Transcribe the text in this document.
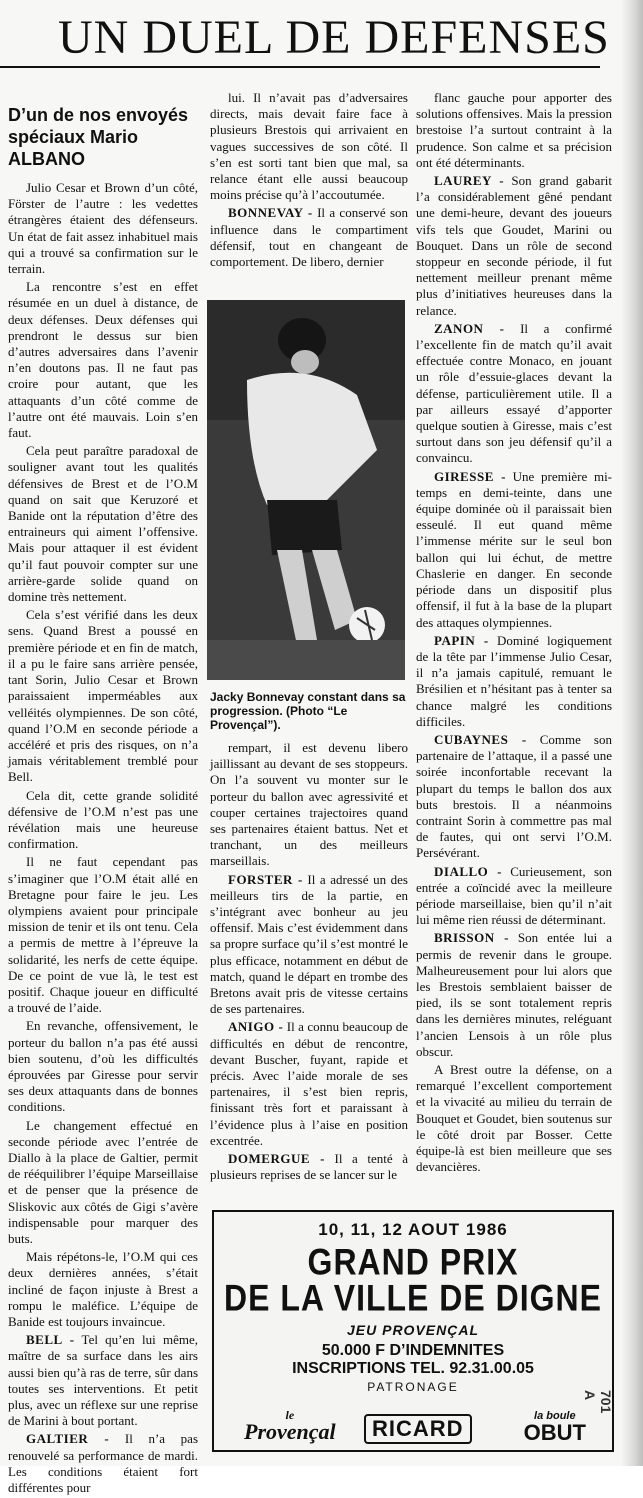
UN DUEL DE DEFENSES
D’un de nos envoyés spéciaux Mario ALBANO

Julio Cesar et Brown d’un côté, Förster de l’autre : les vedettes étrangères étaient des défenseurs. Un état de fait assez inhabituel mais qui a trouvé sa confirmation sur le terrain.

La rencontre s’est en effet résumée en un duel à distance, de deux défenses. Deux défenses qui prendront le dessus sur bien d’autres adversaires dans l’avenir n’en doutons pas. Il ne faut pas croire pour autant, que les attaquants d’un côté comme de l’autre ont été mauvais. Loin s’en faut.

Cela peut paraître paradoxal de souligner avant tout les qualités défensives de Brest et de l’O.M quand on sait que Keruzoré et Banide ont la réputation d’être des entraineurs qui aiment l’offensive. Mais pour attaquer il est évident qu’il faut pouvoir compter sur une arrière-garde solide quand on domine très nettement.

Cela s’est vérifié dans les deux sens. Quand Brest a poussé en première période et en fin de match, il a pu le faire sans arrière pensée, tant Sorin, Julio Cesar et Brown paraissaient imperméables aux velléités olympiennes. De son côté, quand l’O.M en seconde période a accéléré et pris des risques, on n’a jamais véritablement tremblé pour Bell.

Cela dit, cette grande solidité défensive de l’O.M n’est pas une révélation mais une heureuse confirmation.

Il ne faut cependant pas s’imaginer que l’O.M était allé en Bretagne pour faire le jeu. Les olympiens avaient pour principale mission de tenir et ils ont tenu. Cela a permis de mettre à l’épreuve la solidarité, les nerfs de cette équipe. De ce point de vue là, le test est positif. Chaque joueur en difficulté a trouvé de l’aide.

En revanche, offensivement, le porteur du ballon n’a pas été aussi bien soutenu, d’où les difficultés éprouvées par Giresse pour servir ses deux attaquants dans de bonnes conditions.

Le changement effectué en seconde période avec l’entrée de Diallo à la place de Galtier, permit de rééquilibrer l’équipe Marseillaise et de penser que la présence de Sliskovic aux côtés de Gigi s’avère indispensable pour marquer des buts.

Mais répétons-le, l’O.M qui ces deux dernières années, s’était incliné de façon injuste à Brest a rompu le maléfice. L’équipe de Banide est toujours invaincue.

BELL - Tel qu’en lui même, maître de sa surface dans les airs aussi bien qu’à ras de terre, sûr dans toutes ses interventions. Et petit plus, avec un réflexe sur une reprise de Marini à bout portant.

GALTIER - Il n’a pas renouvelé sa performance de mardi. Les conditions étaient fort différentes pour

lui. Il n’avait pas d’adversaires directs, mais devait faire face à plusieurs Brestois qui arrivaient en vagues successives de son côté. Il s’en est sorti tant bien que mal, sa relance étant elle aussi beaucoup moins précise qu’à l’accoutumée.

BONNEVAY - Il a conservé son influence dans le compartiment défensif, tout en changeant de comportement. De libero, dernier

Jacky Bonnevay constant dans sa progression. (Photo “Le Provençal”).

rempart, il est devenu libero jaillissant au devant de ses stoppeurs. On l’a souvent vu monter sur le porteur du ballon avec agressivité et couper certaines trajectoires quand ses partenaires étaient battus. Net et tranchant, un des meilleurs marseillais.

FORSTER - Il a adressé un des meilleurs tirs de la partie, en s’intégrant avec bonheur au jeu offensif. Mais c’est évidemment dans sa propre surface qu’il s’est montré le plus efficace, notamment en début de match, quand le départ en trombe des Bretons avait pris de vitesse certains de ses partenaires.

ANIGO - Il a connu beaucoup de difficultés en début de rencontre, devant Buscher, fuyant, rapide et précis. Avec l’aide morale de ses partenaires, il s’est bien repris, finissant très fort et paraissant à l’évidence plus à l’aise en position excentrée.

DOMERGUE - Il a tenté à plusieurs reprises de se lancer sur le

flanc gauche pour apporter des solutions offensives. Mais la pression brestoise l’a surtout contraint à la prudence. Son calme et sa précision ont été déterminants.

LAUREY - Son grand gabarit l’a considérablement gêné pendant une demi-heure, devant des joueurs vifs tels que Goudet, Marini ou Bouquet. Dans un rôle de second stoppeur en seconde période, il fut nettement meilleur prenant même plus d’initiatives heureuses dans la relance.

ZANON - Il a confirmé l’excellente fin de match qu’il avait effectuée contre Monaco, en jouant un rôle d’essuie-glaces devant la défense, particulièrement utile. Il a par ailleurs essayé d’apporter quelque soutien à Giresse, mais c’est surtout dans son jeu défensif qu’il a convaincu.

GIRESSE - Une première mi-temps en demi-teinte, dans une équipe dominée où il paraissait bien esseulé. Il eut quand même l’immense mérite sur le seul bon ballon qui lui échut, de mettre Chaslerie en danger. En seconde période dans un dispositif plus offensif, il fut à la base de la plupart des attaques olympiennes.

PAPIN - Dominé logiquement de la tête par l’immense Julio Cesar, il n’a jamais capitulé, remuant le Brésilien et n’hésitant pas à tenter sa chance malgré les conditions difficiles.

CUBAYNES - Comme son partenaire de l’attaque, il a passé une soirée inconfortable recevant la plupart du temps le ballon dos aux buts brestois. Il a néanmoins contraint Sorin à commettre pas mal de fautes, qui ont servi l’O.M. Persévérant.

DIALLO - Curieusement, son entrée a coïncidé avec la meilleure période marseillaise, bien qu’il n’ait lui même rien réussi de déterminant.

BRISSON - Son entée lui a permis de revenir dans le groupe. Malheureusement pour lui alors que les Brestois semblaient baisser de pied, ils se sont totalement repris dans les dernières minutes, reléguant l’ancien Lensois à un rôle plus obscur.

A Brest outre la défense, on a remarqué l’excellent comportement et la vivacité au milieu du terrain de Bouquet et Goudet, bien soutenus sur le côté droit par Bosser. Cette équipe-là est bien meilleure que ses devancières.

10, 11, 12 AOUT 1986
GRAND PRIX
DE LA VILLE DE DIGNE
JEU PROVENÇAL
50.000 F D’INDEMNITES
INSCRIPTIONS TEL. 92.31.00.05
PATRONAGE
le
Provençal	RICARD	la boule
OBUT
701 A
